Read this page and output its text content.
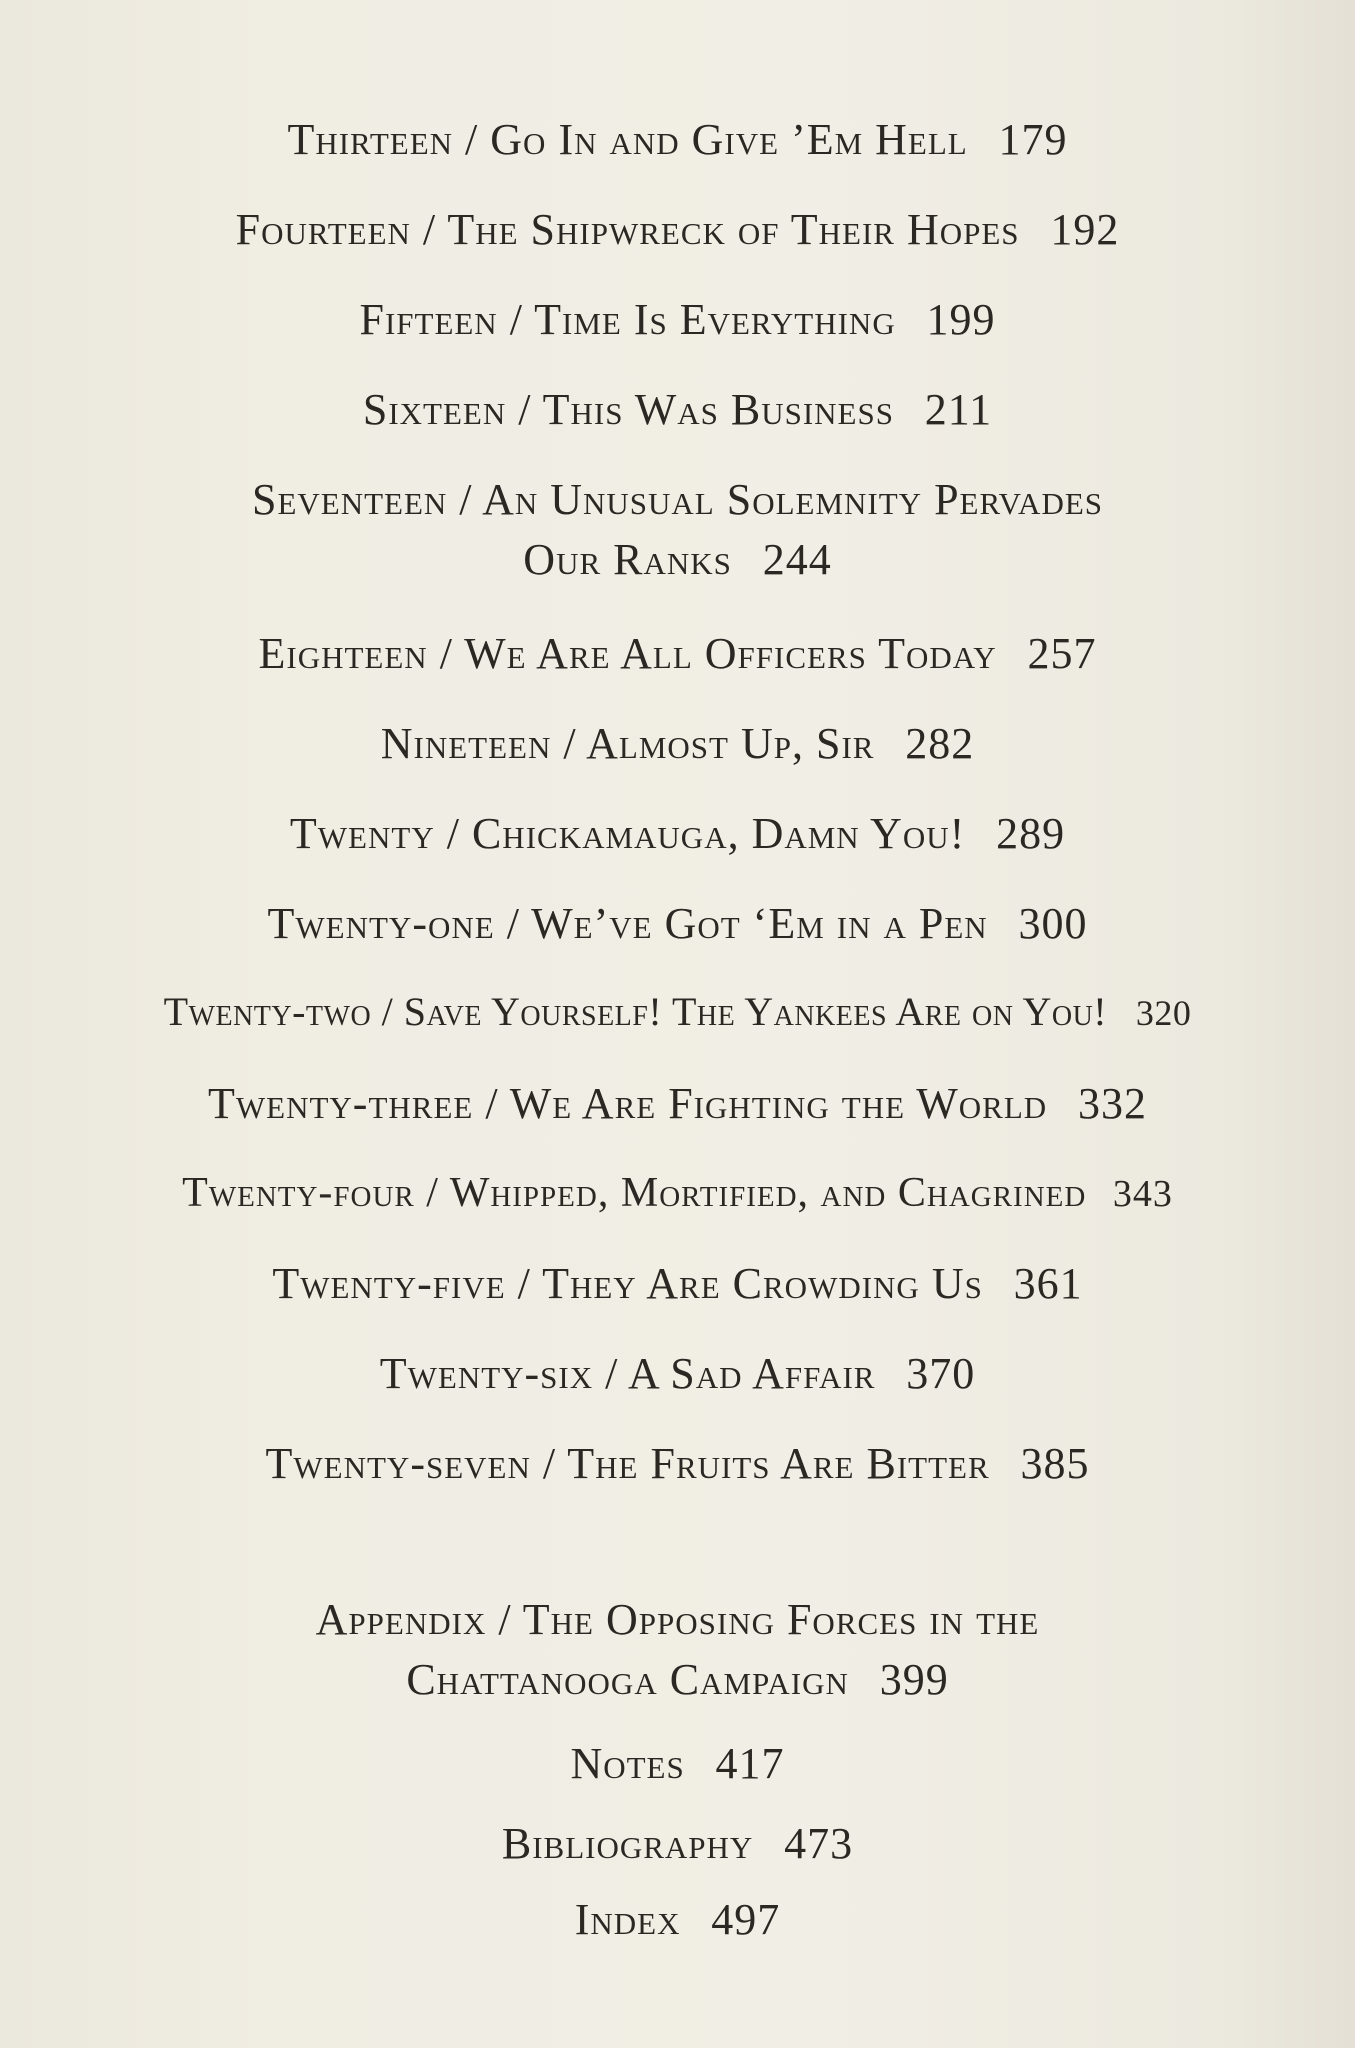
Thirteen / Go In and Give ’Em Hell 179
Fourteen / The Shipwreck of Their Hopes 192
Fifteen / Time Is Everything 199
Sixteen / This Was Business 211
Seventeen / An Unusual Solemnity Pervades
Our Ranks 244
Eighteen / We Are All Officers Today 257
Nineteen / Almost Up, Sir 282
Twenty / Chickamauga, Damn You! 289
Twenty-one / We’ve Got ‘Em in a Pen 300
Twenty-two / Save Yourself! The Yankees Are on You! 320
Twenty-three / We Are Fighting the World 332
Twenty-four / Whipped, Mortified, and Chagrined 343
Twenty-five / They Are Crowding Us 361
Twenty-six / A Sad Affair 370
Twenty-seven / The Fruits Are Bitter 385
Appendix / The Opposing Forces in the
Chattanooga Campaign 399
Notes 417
Bibliography 473
Index 497
